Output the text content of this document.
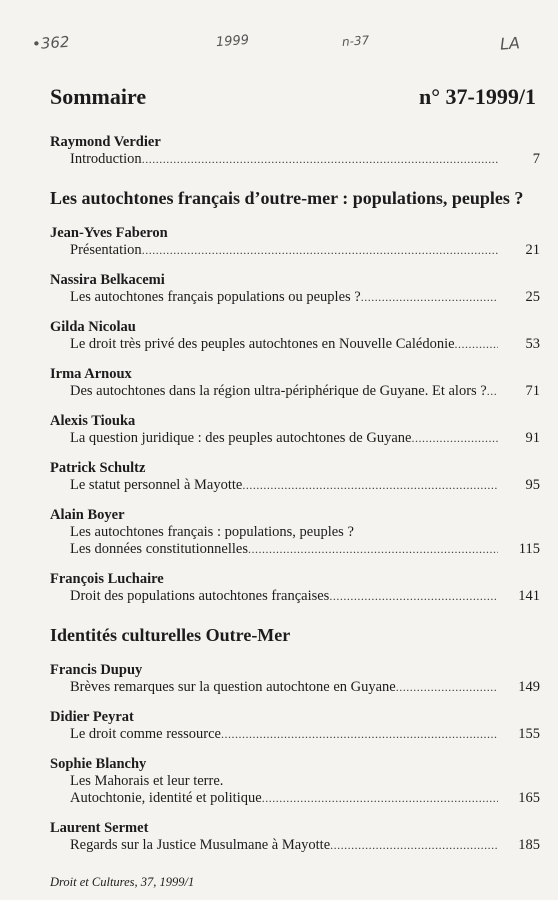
•362	1999	n-37	LA
Sommaire	n° 37-1999/1
Raymond Verdier
Introduction .....	7
Les autochtones français d’outre-mer : populations, peuples ?
Jean-Yves Faberon
Présentation .....	21
Nassira Belkacemi
Les autochtones français populations ou peuples ? .....	25
Gilda Nicolau
Le droit très privé des peuples autochtones en Nouvelle Calédonie .....	53
Irma Arnoux
Des autochtones dans la région ultra-périphérique de Guyane. Et alors ? .....	71
Alexis Tiouka
La question juridique : des peuples autochtones de Guyane .....	91
Patrick Schultz
Le statut personnel à Mayotte .....	95
Alain Boyer
Les autochtones français : populations, peuples ?
Les données constitutionnelles .....	115
François Luchaire
Droit des populations autochtones françaises .....	141
Identités culturelles Outre-Mer
Francis Dupuy
Brèves remarques sur la question autochtone en Guyane .....	149
Didier Peyrat
Le droit comme ressource .....	155
Sophie Blanchy
Les Mahorais et leur terre.
Autochtonie, identité et politique .....	165
Laurent Sermet
Regards sur la Justice Musulmane à Mayotte .....	185
Droit et Cultures, 37, 1999/1
